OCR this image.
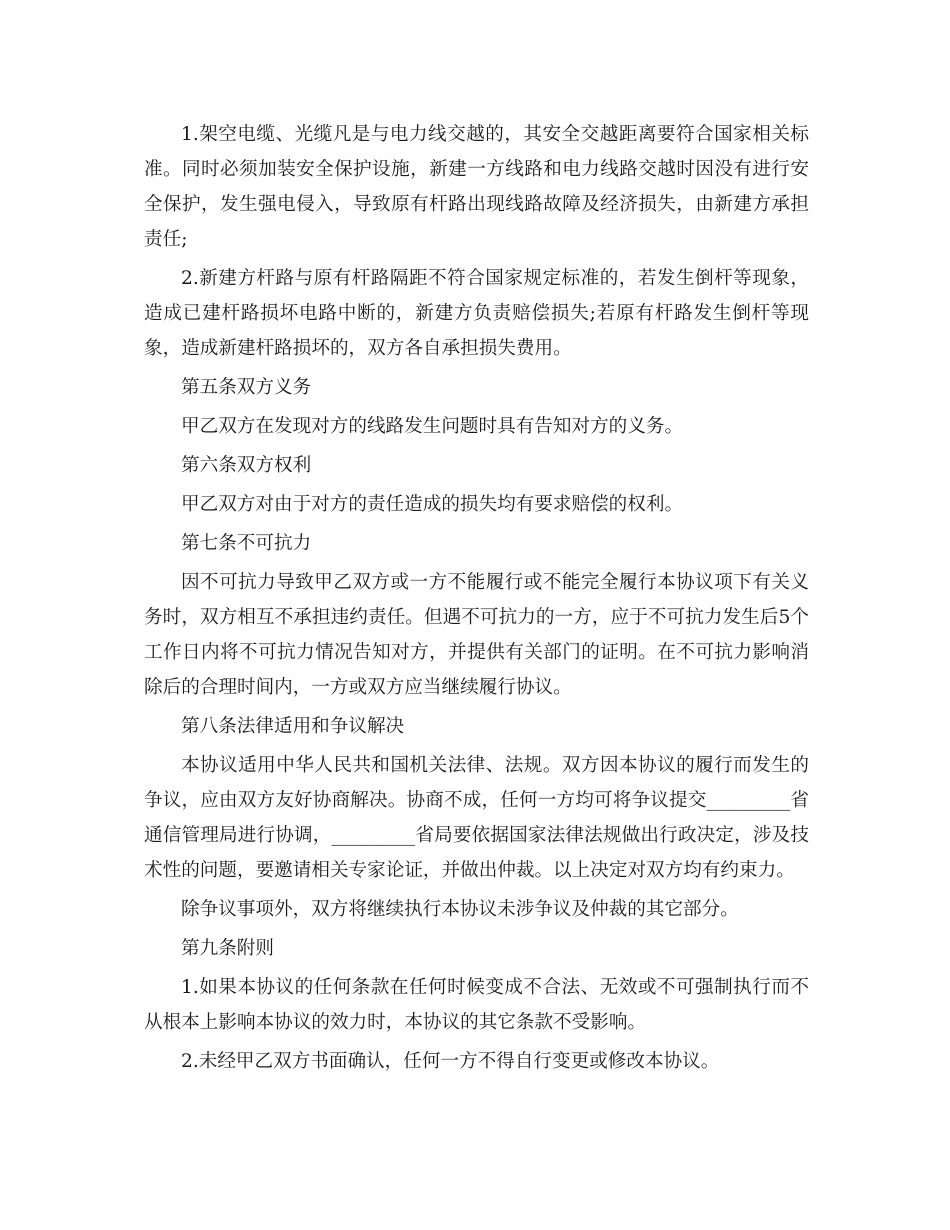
1.架空电缆、光缆凡是与电力线交越的，其安全交越距离要符合国家相关标准。同时必须加装安全保护设施，新建一方线路和电力线路交越时因没有进行安全保护，发生强电侵入，导致原有杆路出现线路故障及经济损失，由新建方承担责任;

2.新建方杆路与原有杆路隔距不符合国家规定标准的，若发生倒杆等现象，造成已建杆路损坏电路中断的，新建方负责赔偿损失;若原有杆路发生倒杆等现象，造成新建杆路损坏的，双方各自承担损失费用。

第五条双方义务

甲乙双方在发现对方的线路发生问题时具有告知对方的义务。

第六条双方权利

甲乙双方对由于对方的责任造成的损失均有要求赔偿的权利。

第七条不可抗力

因不可抗力导致甲乙双方或一方不能履行或不能完全履行本协议项下有关义务时，双方相互不承担违约责任。但遇不可抗力的一方，应于不可抗力发生后5个工作日内将不可抗力情况告知对方，并提供有关部门的证明。在不可抗力影响消除后的合理时间内，一方或双方应当继续履行协议。

第八条法律适用和争议解决

本协议适用中华人民共和国机关法律、法规。双方因本协议的履行而发生的争议，应由双方友好协商解决。协商不成，任何一方均可将争议提交_________省通信管理局进行协调，_________省局要依据国家法律法规做出行政决定，涉及技术性的问题，要邀请相关专家论证，并做出仲裁。以上决定对双方均有约束力。

除争议事项外，双方将继续执行本协议未涉争议及仲裁的其它部分。

第九条附则

1.如果本协议的任何条款在任何时候变成不合法、无效或不可强制执行而不从根本上影响本协议的效力时，本协议的其它条款不受影响。

2.未经甲乙双方书面确认，任何一方不得自行变更或修改本协议。
